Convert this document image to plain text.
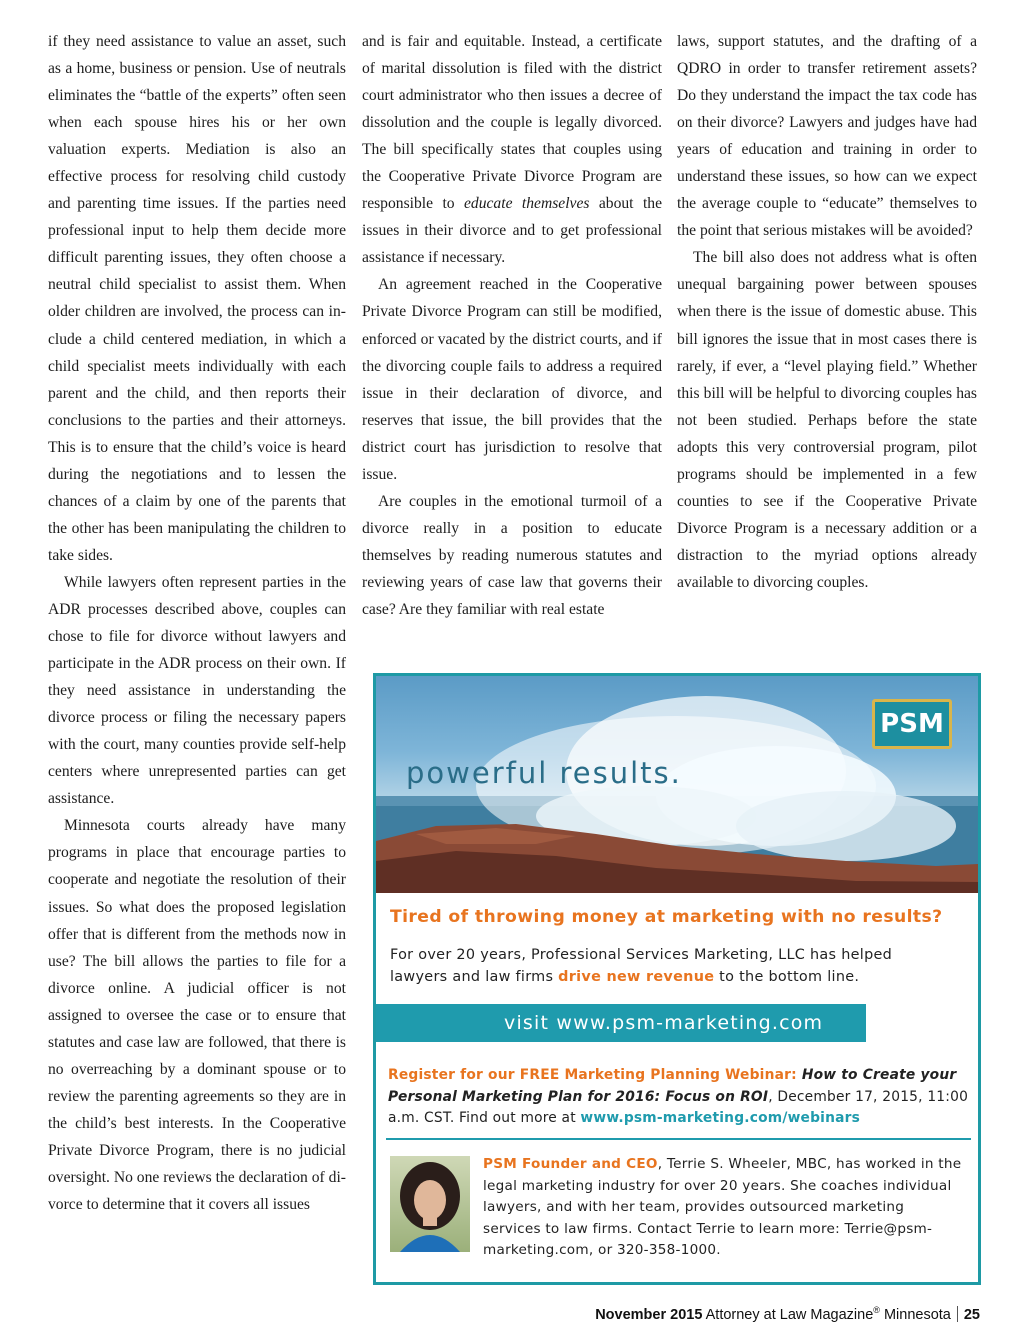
if they need assistance to value an asset, such as a home, business or pension. Use of neutrals eliminates the “battle of the experts” often seen when each spouse hires his or her own valuation experts. Mediation is also an effective process for resolving child custody and parenting time issues. If the parties need professional input to help them decide more difficult parenting issues, they often choose a neutral child specialist to assist them. When older children are involved, the process can include a child centered mediation, in which a child specialist meets individually with each parent and the child, and then reports their conclusions to the parties and their attorneys. This is to ensure that the child’s voice is heard during the negotiations and to lessen the chances of a claim by one of the parents that the other has been manipulating the children to take sides.

While lawyers often represent parties in the ADR processes described above, couples can chose to file for divorce without lawyers and participate in the ADR process on their own. If they need assistance in understanding the divorce process or filing the necessary papers with the court, many counties provide self-help centers where unrepresented parties can get assistance.

Minnesota courts already have many programs in place that encourage parties to cooperate and negotiate the resolution of their issues. So what does the proposed legislation offer that is different from the methods now in use? The bill allows the parties to file for a divorce online. A judicial officer is not assigned to oversee the case or to ensure that statutes and case law are followed, that there is no overreaching by a dominant spouse or to review the parenting agreements so they are in the child’s best interests. In the Cooperative Private Divorce Program, there is no judicial oversight. No one reviews the declaration of divorce to determine that it covers all issues

and is fair and equitable. Instead, a certificate of marital dissolution is filed with the district court administrator who then issues a decree of dissolution and the couple is legally divorced. The bill specifically states that couples using the Cooperative Private Divorce Program are responsible to educate themselves about the issues in their divorce and to get professional assistance if necessary.

An agreement reached in the Cooperative Private Divorce Program can still be modified, enforced or vacated by the district courts, and if the divorcing couple fails to address a required issue in their declaration of divorce, and reserves that issue, the bill provides that the district court has jurisdiction to resolve that issue.

Are couples in the emotional turmoil of a divorce really in a position to educate themselves by reading numerous statutes and reviewing years of case law that governs their case? Are they familiar with real estate

laws, support statutes, and the drafting of a QDRO in order to transfer retirement assets? Do they understand the impact the tax code has on their divorce? Lawyers and judges have had years of education and training in order to understand these issues, so how can we expect the average couple to “educate” themselves to the point that serious mistakes will be avoided?

The bill also does not address what is often unequal bargaining power between spouses when there is the issue of domestic abuse. This bill ignores the issue that in most cases there is rarely, if ever, a “level playing field.” Whether this bill will be helpful to divorcing couples has not been studied. Perhaps before the state adopts this very controversial program, pilot programs should be implemented in a few counties to see if the Cooperative Private Divorce Program is a necessary addition or a distraction to the myriad options already available to divorcing couples.

PSM
powerful results.
Tired of throwing money at marketing with no results?
For over 20 years, Professional Services Marketing, LLC has helped lawyers and law firms drive new revenue to the bottom line.
visit www.psm-marketing.com
Register for our FREE Marketing Planning Webinar: How to Create your Personal Marketing Plan for 2016: Focus on ROI, December 17, 2015, 11:00 a.m. CST. Find out more at www.psm-marketing.com/webinars
PSM Founder and CEO, Terrie S. Wheeler, MBC, has worked in the legal marketing industry for over 20 years. She coaches individual lawyers, and with her team, provides outsourced marketing services to law firms. Contact Terrie to learn more: Terrie@psm-marketing.com, or 320-358-1000.
November 2015 Attorney at Law Magazine® Minnesota 25
